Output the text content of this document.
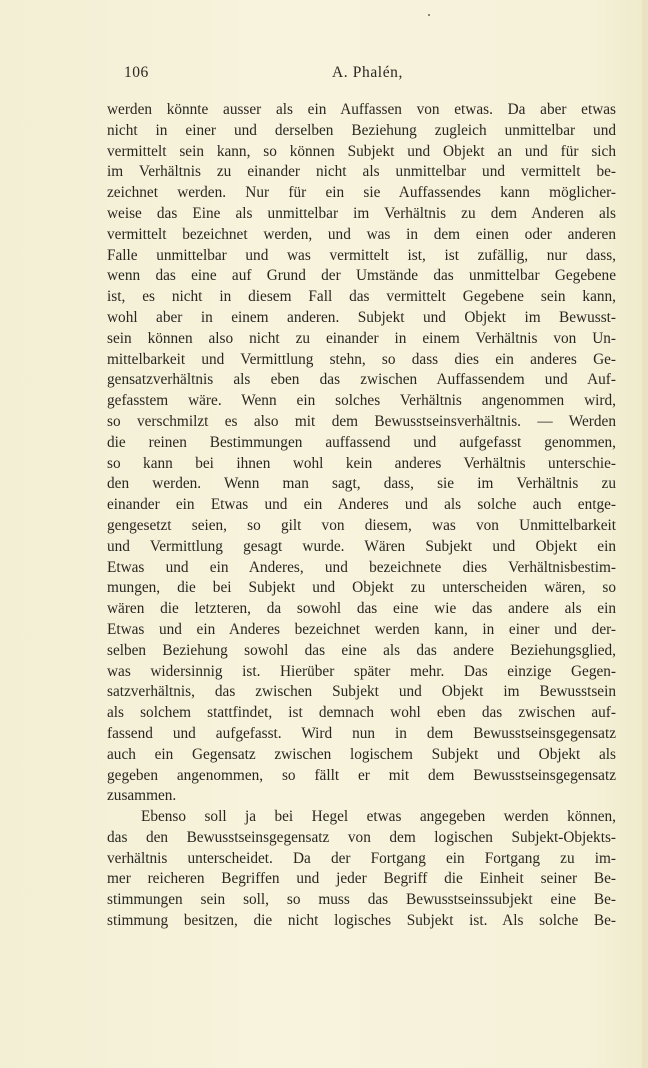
106	A. Phalén,
werden könnte ausser als ein Auffassen von etwas. Da aber etwas
nicht in einer und derselben Beziehung zugleich unmittelbar und
vermittelt sein kann, so können Subjekt und Objekt an und für sich
im Verhältnis zu einander nicht als unmittelbar und vermittelt be-
zeichnet werden. Nur für ein sie Auffassendes kann möglicher-
weise das Eine als unmittelbar im Verhältnis zu dem Anderen als
vermittelt bezeichnet werden, und was in dem einen oder anderen
Falle unmittelbar und was vermittelt ist, ist zufällig, nur dass,
wenn das eine auf Grund der Umstände das unmittelbar Gegebene
ist, es nicht in diesem Fall das vermittelt Gegebene sein kann,
wohl aber in einem anderen. Subjekt und Objekt im Bewusst-
sein können also nicht zu einander in einem Verhältnis von Un-
mittelbarkeit und Vermittlung stehn, so dass dies ein anderes Ge-
gensatzverhältnis als eben das zwischen Auffassendem und Auf-
gefasstem wäre. Wenn ein solches Verhältnis angenommen wird,
so verschmilzt es also mit dem Bewusstseinsverhältnis. — Werden
die reinen Bestimmungen auffassend und aufgefasst genommen,
so kann bei ihnen wohl kein anderes Verhältnis unterschie-
den werden. Wenn man sagt, dass, sie im Verhältnis zu
einander ein Etwas und ein Anderes und als solche auch entge-
gengesetzt seien, so gilt von diesem, was von Unmittelbarkeit
und Vermittlung gesagt wurde. Wären Subjekt und Objekt ein
Etwas und ein Anderes, und bezeichnete dies Verhältnisbestim-
mungen, die bei Subjekt und Objekt zu unterscheiden wären, so
wären die letzteren, da sowohl das eine wie das andere als ein
Etwas und ein Anderes bezeichnet werden kann, in einer und der-
selben Beziehung sowohl das eine als das andere Beziehungsglied,
was widersinnig ist. Hierüber später mehr. Das einzige Gegen-
satzverhältnis, das zwischen Subjekt und Objekt im Bewusstsein
als solchem stattfindet, ist demnach wohl eben das zwischen auf-
fassend und aufgefasst. Wird nun in dem Bewusstseinsgegensatz
auch ein Gegensatz zwischen logischem Subjekt und Objekt als
gegeben angenommen, so fällt er mit dem Bewusstseinsgegensatz
zusammen.
Ebenso soll ja bei Hegel etwas angegeben werden können,
das den Bewusstseinsgegensatz von dem logischen Subjekt-Objekts-
verhältnis unterscheidet. Da der Fortgang ein Fortgang zu im-
mer reicheren Begriffen und jeder Begriff die Einheit seiner Be-
stimmungen sein soll, so muss das Bewusstseinssubjekt eine Be-
stimmung besitzen, die nicht logisches Subjekt ist. Als solche Be-
